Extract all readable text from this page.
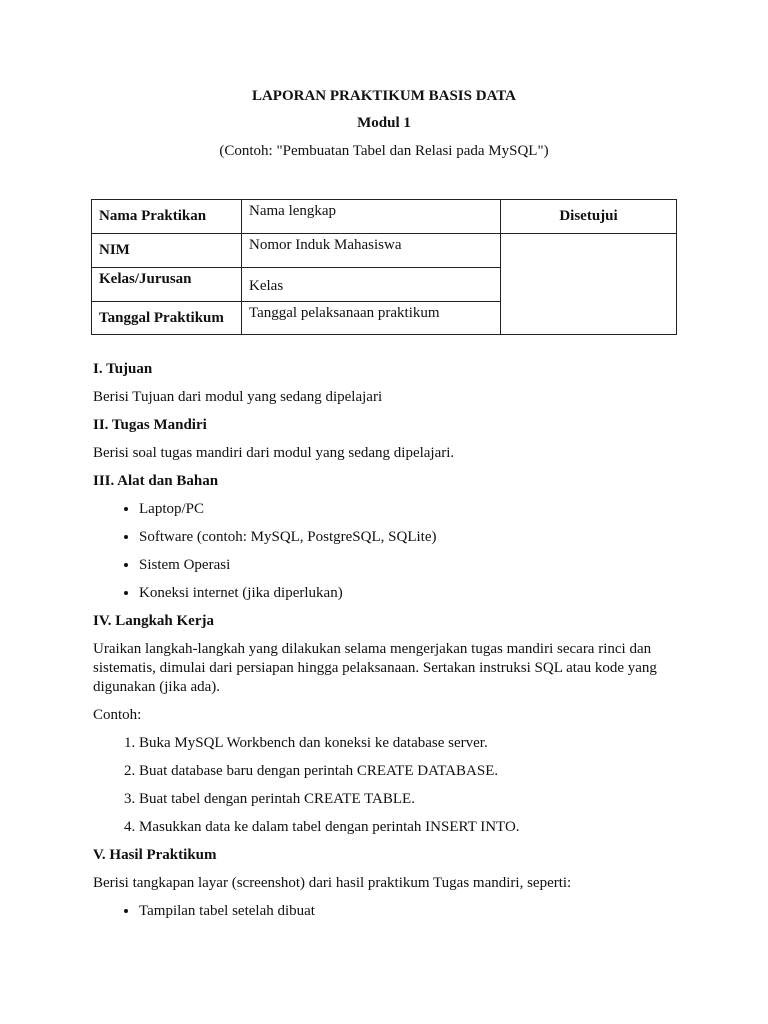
LAPORAN PRAKTIKUM BASIS DATA
Modul 1
(Contoh: "Pembuatan Tabel dan Relasi pada MySQL")
Nama Praktikan	Nama lengkap	Disetujui
NIM	Nomor Induk Mahasiswa	
Kelas/Jurusan	Kelas	
Tanggal Praktikum	Tanggal pelaksanaan praktikum	
I. Tujuan

Berisi Tujuan dari modul yang sedang dipelajari

II. Tugas Mandiri

Berisi soal tugas mandiri dari modul yang sedang dipelajari.

III. Alat dan Bahan
• Laptop/PC
• Software (contoh: MySQL, PostgreSQL, SQLite)
• Sistem Operasi
• Koneksi internet (jika diperlukan)
IV. Langkah Kerja

Uraikan langkah-langkah yang dilakukan selama mengerjakan tugas mandiri secara rinci dan sistematis, dimulai dari persiapan hingga pelaksanaan. Sertakan instruksi SQL atau kode yang digunakan (jika ada).

Contoh:

1. Buka MySQL Workbench dan koneksi ke database server.
2. Buat database baru dengan perintah CREATE DATABASE.
3. Buat tabel dengan perintah CREATE TABLE.
4. Masukkan data ke dalam tabel dengan perintah INSERT INTO.
V. Hasil Praktikum

Berisi tangkapan layar (screenshot) dari hasil praktikum Tugas mandiri, seperti:

• Tampilan tabel setelah dibuat
